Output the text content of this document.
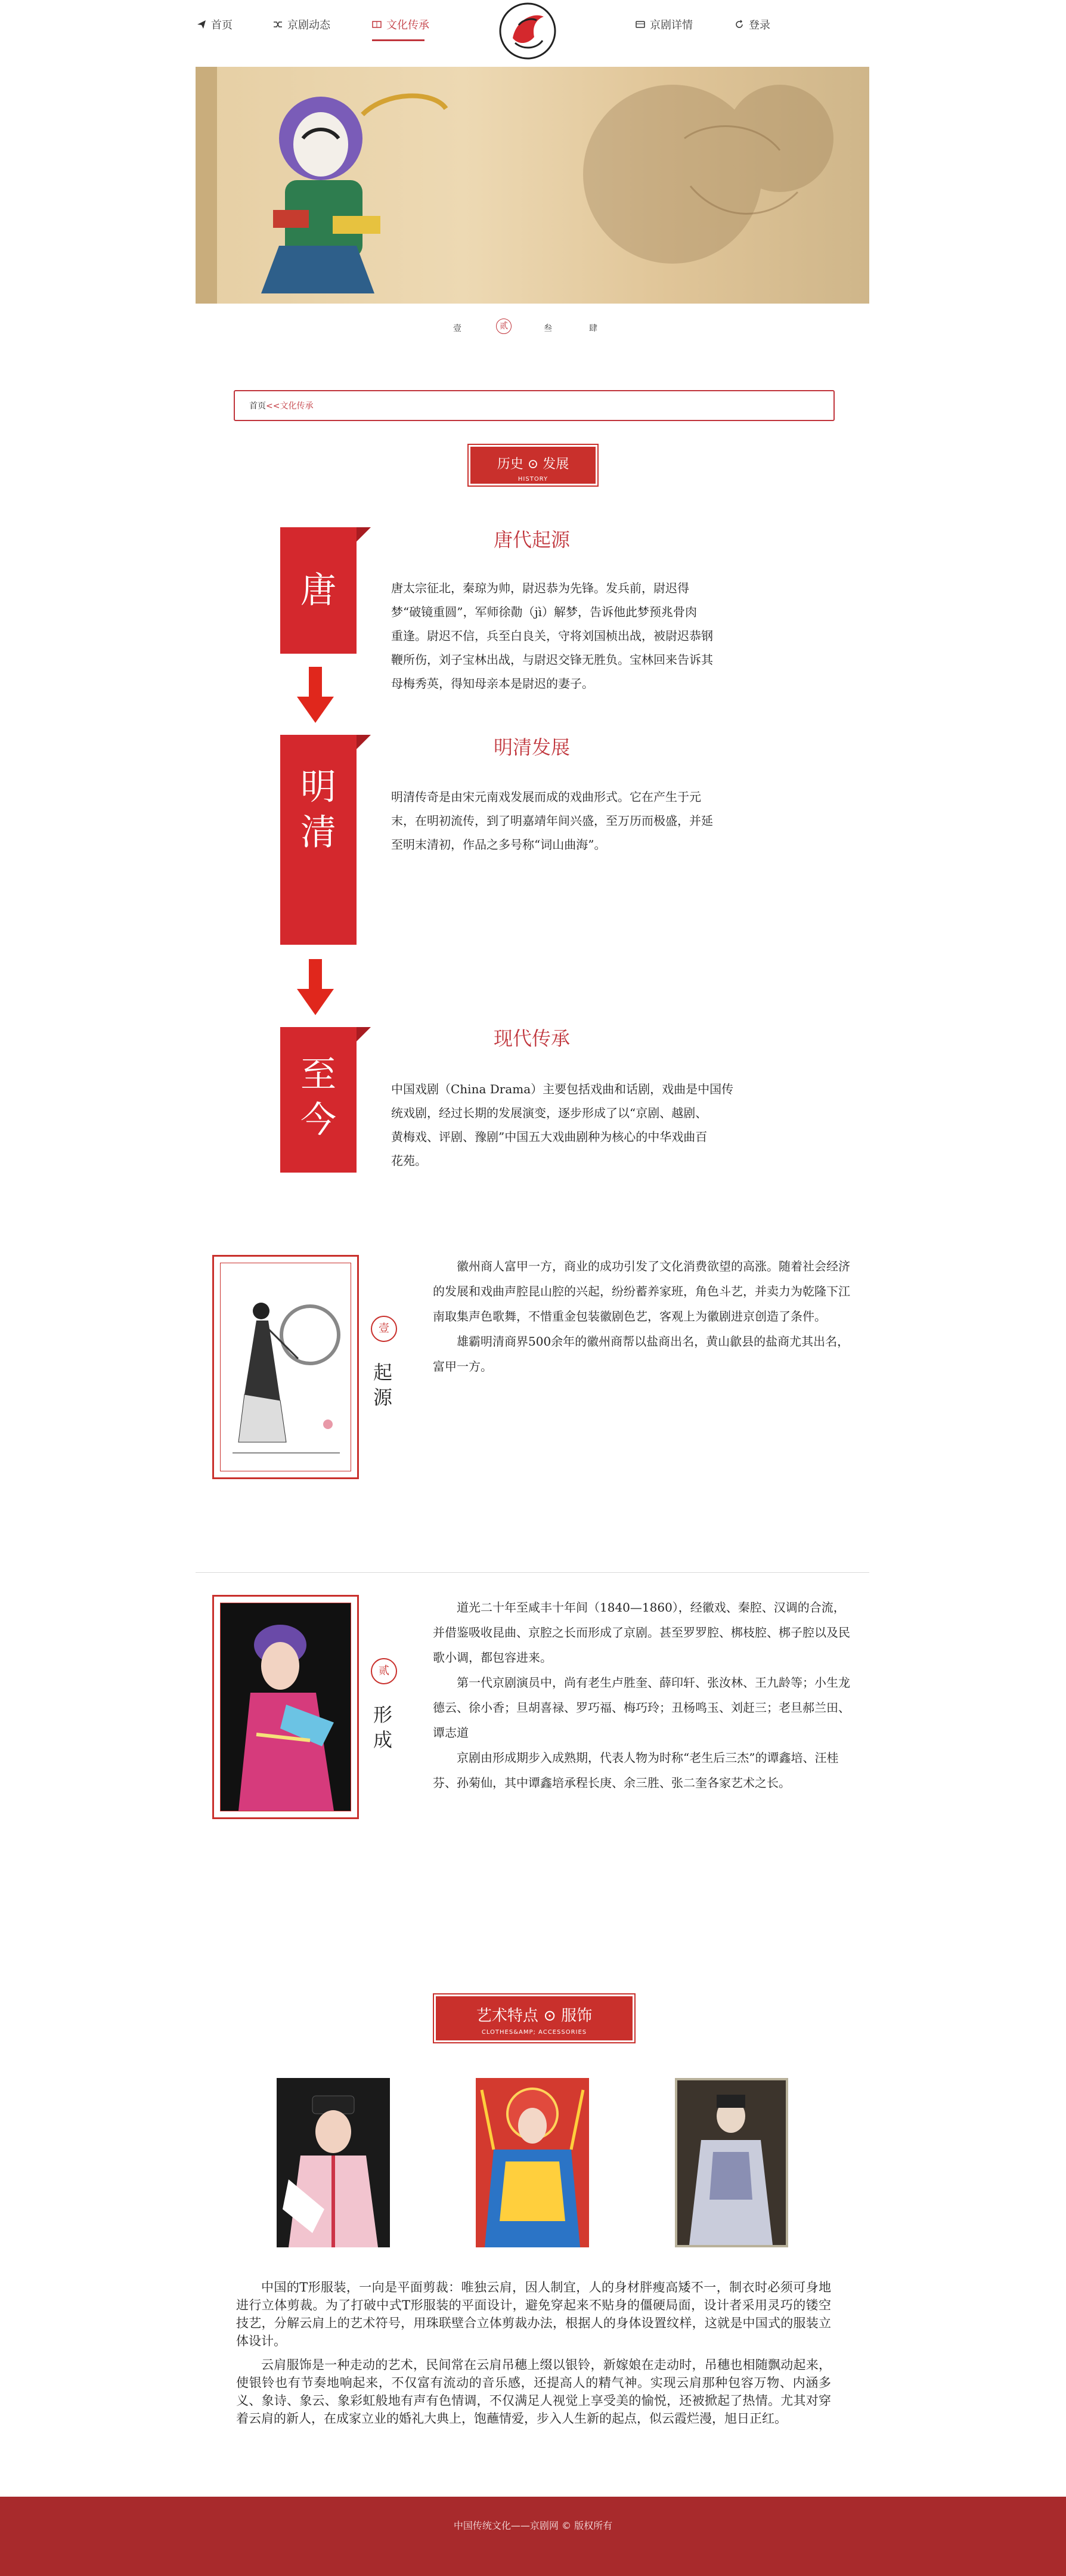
首页	京剧动态	文化传承	京剧详情	登录
壹	贰	叁	肆
首页<<文化传承
历史 ⊙ 发展
HISTORY
唐
唐代起源
唐太宗征北，秦琼为帅，尉迟恭为先锋。发兵前，尉迟得
梦“破镜重圆”，军师徐勣（jì）解梦，告诉他此梦预兆骨肉
重逢。尉迟不信，兵至白良关，守将刘国桢出战，被尉迟恭钢
鞭所伤，刘子宝林出战，与尉迟交锋无胜负。宝林回来告诉其
母梅秀英，得知母亲本是尉迟的妻子。
明清
明清发展
明清传奇是由宋元南戏发展而成的戏曲形式。它在产生于元
末，在明初流传，到了明嘉靖年间兴盛，至万历而极盛，并延
至明末清初，作品之多号称“词山曲海”。
至今
现代传承
中国戏剧（China Drama）主要包括戏曲和话剧，戏曲是中国传
统戏剧，经过长期的发展演变，逐步形成了以“京剧、越剧、
黄梅戏、评剧、豫剧”中国五大戏曲剧种为核心的中华戏曲百
花苑。
壹
起源

徽州商人富甲一方，商业的成功引发了文化消费欲望的高涨。随着社会经济的发展和戏曲声腔昆山腔的兴起，纷纷蓄养家班，角色斗艺，并卖力为乾隆下江南取集声色歌舞，不惜重金包装徽剧色艺，客观上为徽剧进京创造了条件。

雄霸明清商界500余年的徽州商帮以盐商出名，黄山歙县的盐商尤其出名，富甲一方。

贰
形成

道光二十年至咸丰十年间（1840—1860），经徽戏、秦腔、汉调的合流，并借鉴吸收昆曲、京腔之长而形成了京剧。甚至罗罗腔、梆枝腔、梆子腔以及民歌小调，都包容进来。

第一代京剧演员中，尚有老生卢胜奎、薛印轩、张汝林、王九龄等；小生龙德云、徐小香；旦胡喜禄、罗巧福、梅巧玲；丑杨鸣玉、刘赶三；老旦郝兰田、谭志道

京剧由形成期步入成熟期，代表人物为时称“老生后三杰”的谭鑫培、汪桂芬、孙菊仙，其中谭鑫培承程长庚、余三胜、张二奎各家艺术之长。

艺术特点 ⊙ 服饰
CLOTHES&AMP; ACCESSORIES

中国的T形服装，一向是平面剪裁：唯独云肩，因人制宜，人的身材胖瘦高矮不一，制衣时必须可身地进行立体剪裁。为了打破中式T形服装的平面设计，避免穿起来不贴身的僵硬局面，设计者采用灵巧的镂空技艺，分解云肩上的艺术符号，用珠联壁合立体剪裁办法，根据人的身体设置纹样，这就是中国式的服装立体设计。

云肩服饰是一种走动的艺术，民间常在云肩吊穗上缀以银铃，新嫁娘在走动时，吊穗也相随飘动起来，使银铃也有节奏地响起来，不仅富有流动的音乐感，还提高人的精气神。实现云肩那种包容万物、内涵多义、象诗、象云、象彩虹般地有声有色情调，不仅满足人视觉上享受美的愉悦，还被掀起了热情。尤其对穿着云肩的新人，在成家立业的婚礼大典上，饱蘸情爱，步入人生新的起点，似云霞烂漫，旭日正红。

中国传统文化——京剧网 © 版权所有
